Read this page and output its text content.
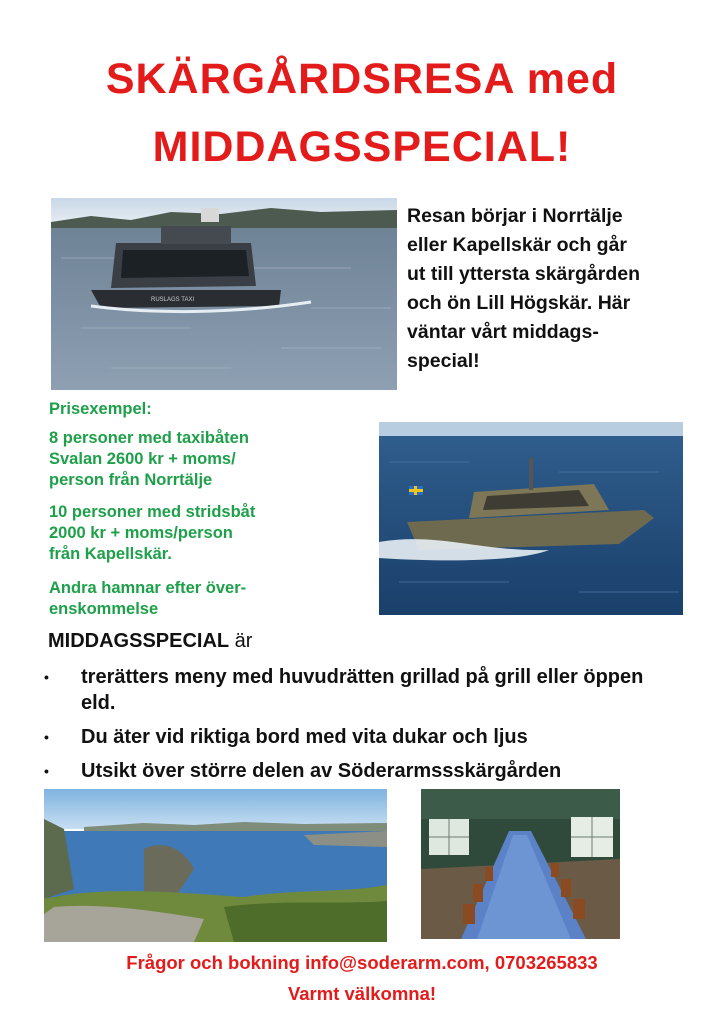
SKÄRGÅRDSRESA med
MIDDAGSSPECIAL!
RUSLAGS TAXI
Resan börjar i Norrtälje
eller Kapellskär och går
ut till yttersta skärgården
och ön Lill Högskär. Här
väntar vårt middags-
special!
Prisexempel:
8 personer med taxibåten
Svalan 2600 kr + moms/
person från Norrtälje
10 personer med stridsbåt
2000 kr + moms/person
från Kapellskär.
Andra hamnar efter över-
enskommelse
MIDDAGSSPECIAL är
• trerätters meny med huvudrätten grillad på grill eller öppen eld.
• Du äter vid riktiga bord med vita dukar och ljus
• Utsikt över större delen av Söderarmssskärgården
Frågor och bokning info@soderarm.com, 0703265833
Varmt välkomna!
